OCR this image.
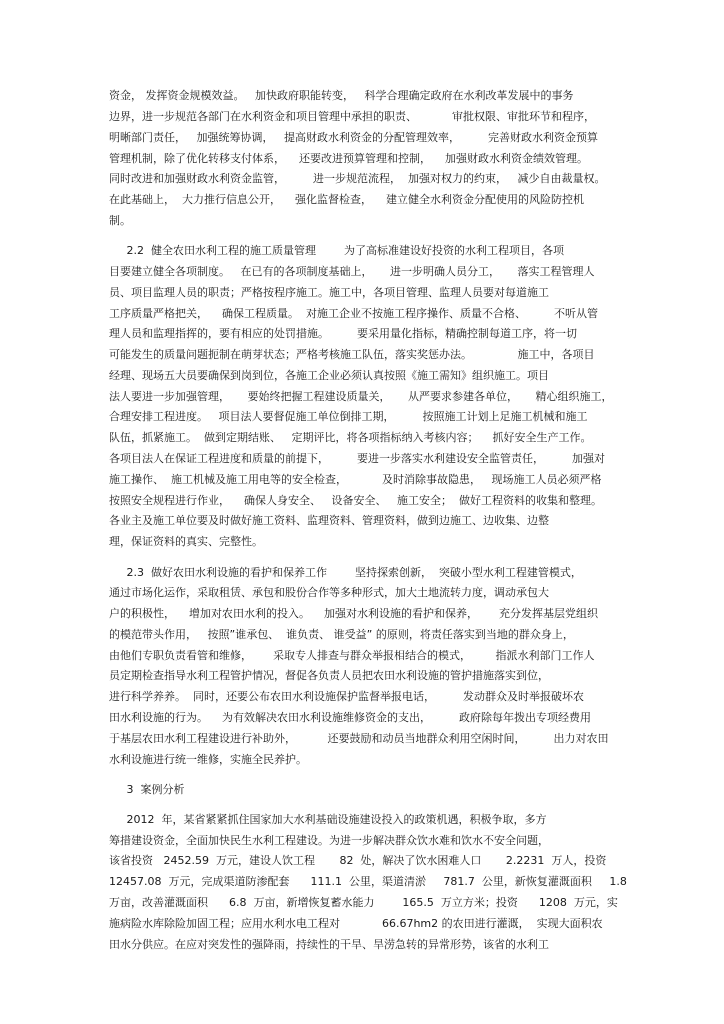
资金， 发挥资金规模效益。   加快政府职能转变，   科学合理确定政府在水利改革发展中的事务
边界，进一步规范各部门在水利资金和项目管理中承担的职责、          审批权限、审批环节和程序，
明晰部门责任，   加强统筹协调，   提高财政水利资金的分配管理效率，        完善财政水利资金预算
管理机制，除了优化转移支付体系，    还要改进预算管理和控制，    加强财政水利资金绩效管理。
同时改进和加强财政水利资金监管，        进一步规范流程，  加强对权力的约束，   减少自由裁量权。
在此基础上，  大力推行信息公开，    强化监督检查，    建立健全水利资金分配使用的风险防控机
制。
2.2  健全农田水利工程的施工质量管理        为了高标准建设好投资的水利工程项目，各项
目要建立健全各项制度。   在已有的各项制度基础上，     进一步明确人员分工，     落实工程管理人
员、项目监理人员的职责；严格按程序施工。施工中，各项目管理、监理人员要对每道施工
工序质量严格把关，    确保工程质量。  对施工企业不按施工程序操作、质量不合格、        不听从管
理人员和监理指挥的，要有相应的处罚措施。        要采用量化指标，精确控制每道工序，将一切
可能发生的质量问题扼制在萌芽状态；严格考核施工队伍，落实奖惩办法。             施工中，各项目
经理、现场五大员要确保到岗到位，各施工企业必须认真按照《施工需知》组织施工。项目
法人要进一步加强管理，     要始终把握工程建设质量关，     从严要求参建各单位，     精心组织施工，
合理安排工程进度。   项目法人要督促施工单位倒排工期，        按照施工计划上足施工机械和施工
队伍，抓紧施工。  做到定期结账、   定期评比，将各项指标纳入考核内容；    抓好安全生产工作。
各项目法人在保证工程进度和质量的前提下，        要进一步落实水利建设安全监管责任，        加强对
施工操作、  施工机械及施工用电等的安全检查，          及时消除事故隐患，   现场施工人员必须严格
按照安全规程进行作业，    确保人身安全、   设备安全、   施工安全；  做好工程资料的收集和整理。
各业主及施工单位要及时做好施工资料、监理资料、管理资料，做到边施工、边收集、边整
理，保证资料的真实、完整性。
2.3  做好农田水利设施的看护和保养工作        坚持探索创新，  突破小型水利工程建管模式，
通过市场化运作，采取租赁、承包和股份合作等多种形式，加大土地流转力度，调动承包大
户的积极性，    增加对农田水利的投入。    加强对水利设施的看护和保养，      充分发挥基层党组织
的模范带头作用，   按照”谁承包、  谁负责、 谁受益” 的原则，将责任落实到当地的群众身上，
由他们专职负责看管和维修，      采取专人排查与群众举报相结合的模式，       指派水利部门工作人
员定期检查指导水利工程管护情况，督促各负责人员把农田水利设施的管护措施落实到位，
进行科学养养。  同时，还要公布农田水利设施保护监督举报电话，        发动群众及时举报破坏农
田水利设施的行为。    为有效解决农田水利设施维修资金的支出，        政府除每年拨出专项经费用
于基层农田水利工程建设进行补助外，         还要鼓励和动员当地群众利用空闲时间，        出力对农田
水利设施进行统一维修，实施全民养护。
3  案例分析
2012  年，某省紧紧抓住国家加大水利基础设施建设投入的政策机遇，积极争取，多方
筹措建设资金，全面加快民生水利工程建设。为进一步解决群众饮水难和饮水不安全问题，
该省投资   2452.59  万元，建设人饮工程       82  处，解决了饮水困难人口       2.2231  万人，投资
12457.08  万元，完成渠道防渗配套      111.1  公里，渠道清淤     781.7  公里，新恢复灌溉面积     1.8
万亩，改善灌溉面积      6.8  万亩，新增恢复蓄水能力        165.5  万立方米；投资      1208  万元，实
施病险水库除险加固工程；应用水利水电工程对            66.67hm2 的农田进行灌溉，  实现大面积农
田水分供应。在应对突发性的强降雨，持续性的干旱、旱涝急转的异常形势，该省的水利工
